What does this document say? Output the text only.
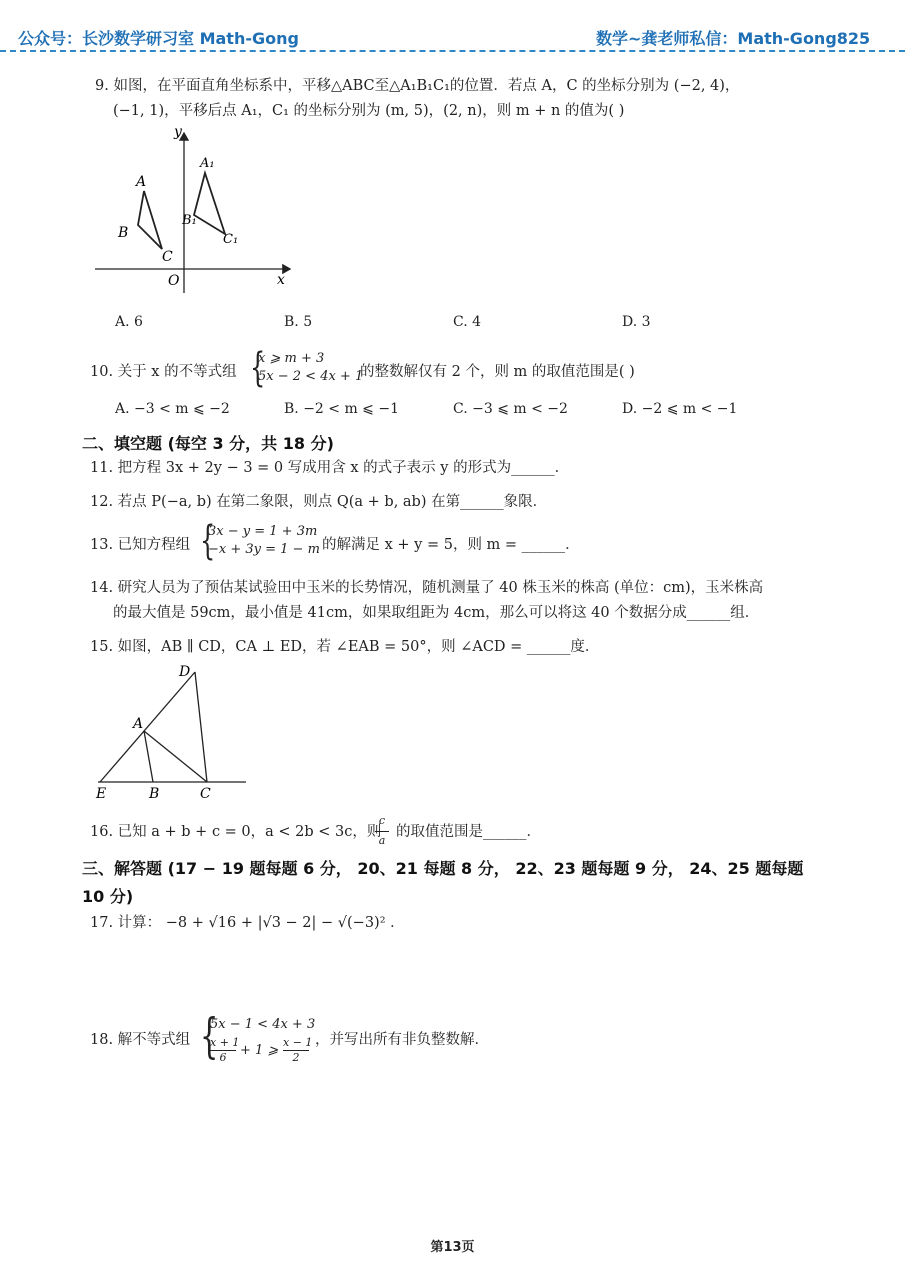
公众号：长沙数学研习室 Math-Gong	数学~龚老师私信：Math-Gong825
9. 如图，在平面直角坐标系中，平移△ABC至△A₁B₁C₁的位置．若点 A，C 的坐标分别为 (−2, 4)，
(−1, 1)，平移后点 A₁，C₁ 的坐标分别为 (m, 5)，(2, n)，则 m + n 的值为( )
y
x
O
A
B
C
A₁
B₁
C₁
A. 6	B. 5	C. 4	D. 3
10. 关于 x 的不等式组 {
x ⩾ m + 3
5x − 2 < 4x + 1
的整数解仅有 2 个，则 m 的取值范围是( )
A. −3 < m ⩽ −2	B. −2 < m ⩽ −1	C. −3 ⩽ m < −2	D. −2 ⩽ m < −1
二、填空题 (每空 3 分，共 18 分)
11. 把方程 3x + 2y − 3 = 0 写成用含 x 的式子表示 y 的形式为______．
12. 若点 P(−a, b) 在第二象限，则点 Q(a + b, ab) 在第______象限．
13. 已知方程组 {
3x − y = 1 + 3m
−x + 3y = 1 − m 的解满足 x + y = 5，则 m = ______．
14. 研究人员为了预估某试验田中玉米的长势情况，随机测量了 40 株玉米的株高 (单位：cm)，玉米株高
的最大值是 59cm，最小值是 41cm，如果取组距为 4cm，那么可以将这 40 个数据分成______组．
15. 如图，AB ∥ CD，CA ⊥ ED，若 ∠EAB = 50°，则 ∠ACD = ______度．
D
A
E	B	C
16. 已知 a + b + c = 0，a < 2b < 3c，则
c
a
的取值范围是______．
三、解答题 (17 − 19 题每题 6 分， 20、21 每题 8 分， 22、23 题每题 9 分， 24、25 题每题
10 分)
17. 计算： −8 + √16 + |√3 − 2| − √(−3)² ．
18. 解不等式组 {
5x − 1 < 4x + 3
x + 1
6	+ 1 ⩾
x − 1
2
，并写出所有非负整数解．
第13页
